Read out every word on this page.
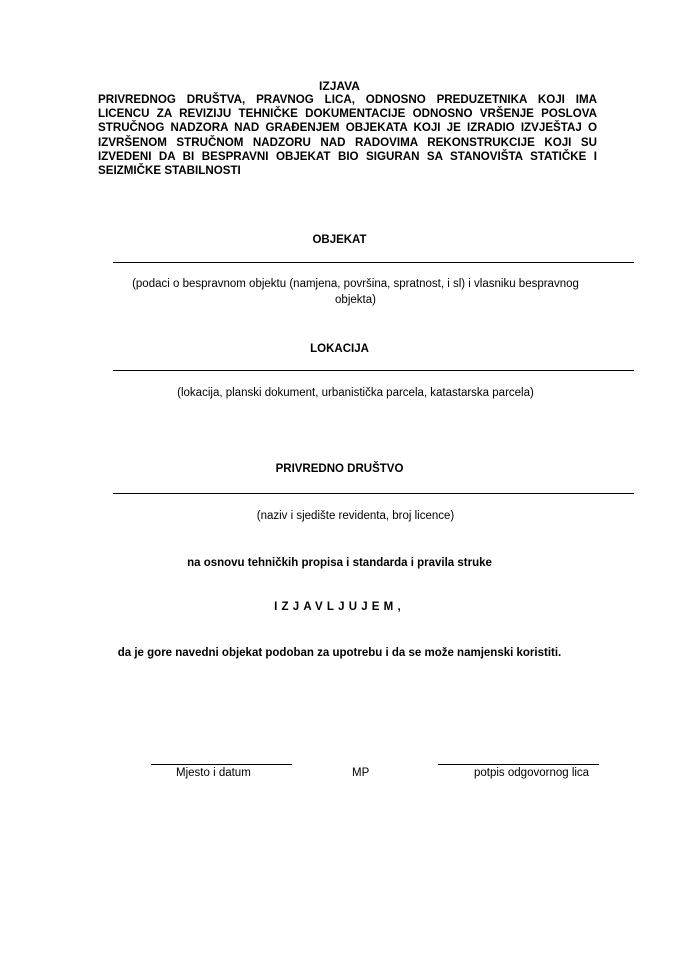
IZJAVA
PRIVREDNOG DRUŠTVA, PRAVNOG LICA, ODNOSNO PREDUZETNIKA KOJI IMA LICENCU ZA REVIZIJU TEHNIČKE DOKUMENTACIJE ODNOSNO VRŠENJE POSLOVA STRUČNOG NADZORA NAD GRAĐENJEM OBJEKATA KOJI JE IZRADIO IZVJEŠTAJ O IZVRŠENOM STRUČNOM NADZORU NAD RADOVIMA REKONSTRUKCIJE KOJI SU IZVEDENI DA BI BESPRAVNI OBJEKAT BIO SIGURAN SA STANOVIŠTA STATIČKE I SEIZMIČKE STABILNOSTI
OBJEKAT
(podaci o bespravnom objektu (namjena, površina, spratnost, i sl) i vlasniku bespravnog objekta)
LOKACIJA
(lokacija, planski dokument, urbanistička parcela, katastarska parcela)
PRIVREDNO DRUŠTVO
(naziv i sjedište revidenta, broj licence)
na osnovu tehničkih propisa i standarda i pravila struke
IZJAVLJUJEM,
da je gore navedni objekat podoban za upotrebu i da se može namjenski koristiti.
Mjesto i datum	MP	potpis odgovornog lica
